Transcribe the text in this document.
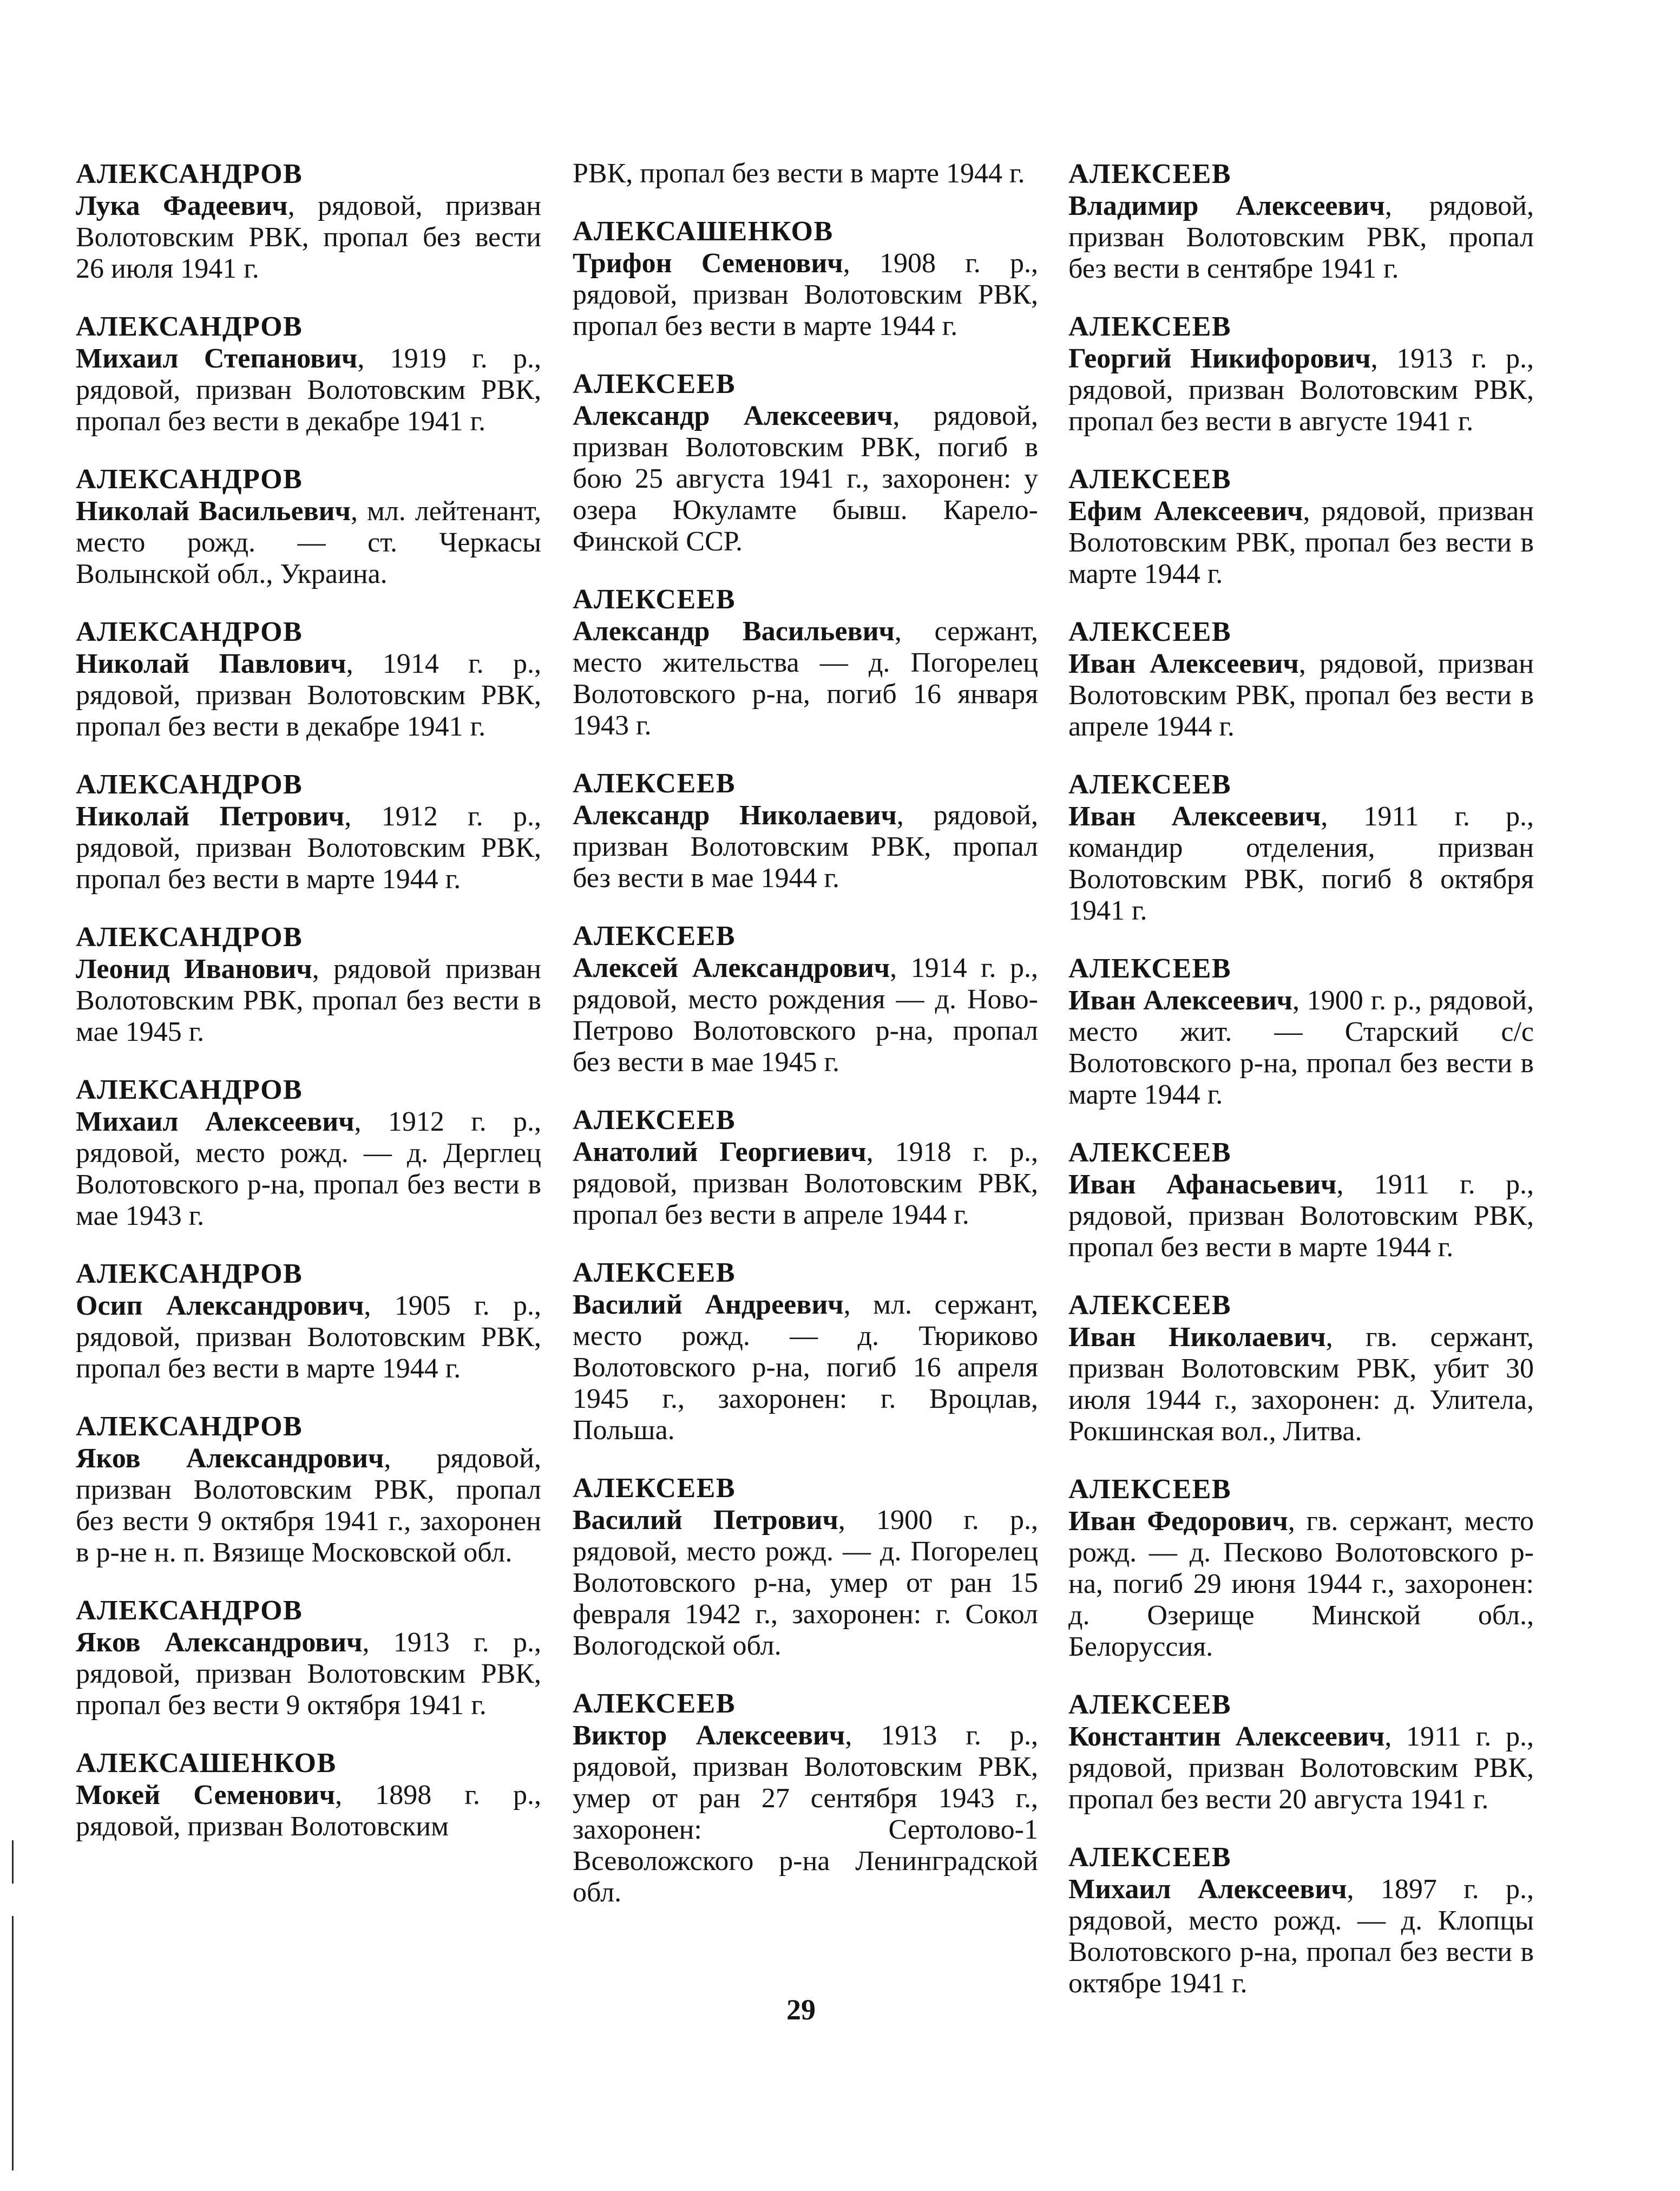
АЛЕКСАНДРОВ
Лука Фадеевич, рядовой, призван Волотовским РВК, пропал без вести 26 июля 1941 г.
АЛЕКСАНДРОВ
Михаил Степанович, 1919 г. р., рядовой, призван Волотовским РВК, пропал без вести в декабре 1941 г.
АЛЕКСАНДРОВ
Николай Васильевич, мл. лейтенант, место рожд. — ст. Черкасы Волынской обл., Украина.
АЛЕКСАНДРОВ
Николай Павлович, 1914 г. р., рядовой, призван Волотовским РВК, пропал без вести в декабре 1941 г.
АЛЕКСАНДРОВ
Николай Петрович, 1912 г. р., рядовой, призван Волотовским РВК, пропал без вести в марте 1944 г.
АЛЕКСАНДРОВ
Леонид Иванович, рядовой призван Волотовским РВК, пропал без вести в мае 1945 г.
АЛЕКСАНДРОВ
Михаил Алексеевич, 1912 г. р., рядовой, место рожд. — д. Дерглец Волотовского р-на, пропал без вести в мае 1943 г.
АЛЕКСАНДРОВ
Осип Александрович, 1905 г. р., рядовой, призван Волотовским РВК, пропал без вести в марте 1944 г.
АЛЕКСАНДРОВ
Яков Александрович, рядовой, призван Волотовским РВК, пропал без вести 9 октября 1941 г., захоронен в р-не н. п. Вязище Московской обл.
АЛЕКСАНДРОВ
Яков Александрович, 1913 г. р., рядовой, призван Волотовским РВК, пропал без вести 9 октября 1941 г.
АЛЕКСАШЕНКОВ
Мокей Семенович, 1898 г. р., рядовой, призван Волотовским
РВК, пропал без вести в марте 1944 г.
АЛЕКСАШЕНКОВ
Трифон Семенович, 1908 г. р., рядовой, призван Волотовским РВК, пропал без вести в марте 1944 г.
АЛЕКСЕЕВ
Александр Алексеевич, рядовой, призван Волотовским РВК, погиб в бою 25 августа 1941 г., захоронен: у озера Юкуламте бывш. Карело-Финской ССР.
АЛЕКСЕЕВ
Александр Васильевич, сержант, место жительства — д. Погорелец Волотовского р-на, погиб 16 января 1943 г.
АЛЕКСЕЕВ
Александр Николаевич, рядовой, призван Волотовским РВК, пропал без вести в мае 1944 г.
АЛЕКСЕЕВ
Алексей Александрович, 1914 г. р., рядовой, место рождения — д. Ново-Петрово Волотовского р-на, пропал без вести в мае 1945 г.
АЛЕКСЕЕВ
Анатолий Георгиевич, 1918 г. р., рядовой, призван Волотовским РВК, пропал без вести в апреле 1944 г.
АЛЕКСЕЕВ
Василий Андреевич, мл. сержант, место рожд. — д. Тюриково Волотовского р-на, погиб 16 апреля 1945 г., захоронен: г. Вроцлав, Польша.
АЛЕКСЕЕВ
Василий Петрович, 1900 г. р., рядовой, место рожд. — д. Погорелец Волотовского р-на, умер от ран 15 февраля 1942 г., захоронен: г. Сокол Вологодской обл.
АЛЕКСЕЕВ
Виктор Алексеевич, 1913 г. р., рядовой, призван Волотовским РВК, умер от ран 27 сентября 1943 г., захоронен: Сертолово-1 Всеволожского р-на Ленинградской обл.
АЛЕКСЕЕВ
Владимир Алексеевич, рядовой, призван Волотовским РВК, пропал без вести в сентябре 1941 г.
АЛЕКСЕЕВ
Георгий Никифорович, 1913 г. р., рядовой, призван Волотовским РВК, пропал без вести в августе 1941 г.
АЛЕКСЕЕВ
Ефим Алексеевич, рядовой, призван Волотовским РВК, пропал без вести в марте 1944 г.
АЛЕКСЕЕВ
Иван Алексеевич, рядовой, призван Волотовским РВК, пропал без вести в апреле 1944 г.
АЛЕКСЕЕВ
Иван Алексеевич, 1911 г. р., командир отделения, призван Волотовским РВК, погиб 8 октября 1941 г.
АЛЕКСЕЕВ
Иван Алексеевич, 1900 г. р., рядовой, место жит. — Старский с/с Волотовского р-на, пропал без вести в марте 1944 г.
АЛЕКСЕЕВ
Иван Афанасьевич, 1911 г. р., рядовой, призван Волотовским РВК, пропал без вести в марте 1944 г.
АЛЕКСЕЕВ
Иван Николаевич, гв. сержант, призван Волотовским РВК, убит 30 июля 1944 г., захоронен: д. Улитела, Рокшинская вол., Литва.
АЛЕКСЕЕВ
Иван Федорович, гв. сержант, место рожд. — д. Песково Волотовского р-на, погиб 29 июня 1944 г., захоронен: д. Озерище Минской обл., Белоруссия.
АЛЕКСЕЕВ
Константин Алексеевич, 1911 г. р., рядовой, призван Волотовским РВК, пропал без вести 20 августа 1941 г.
АЛЕКСЕЕВ
Михаил Алексеевич, 1897 г. р., рядовой, место рожд. — д. Клопцы Волотовского р-на, пропал без вести в октябре 1941 г.
29
